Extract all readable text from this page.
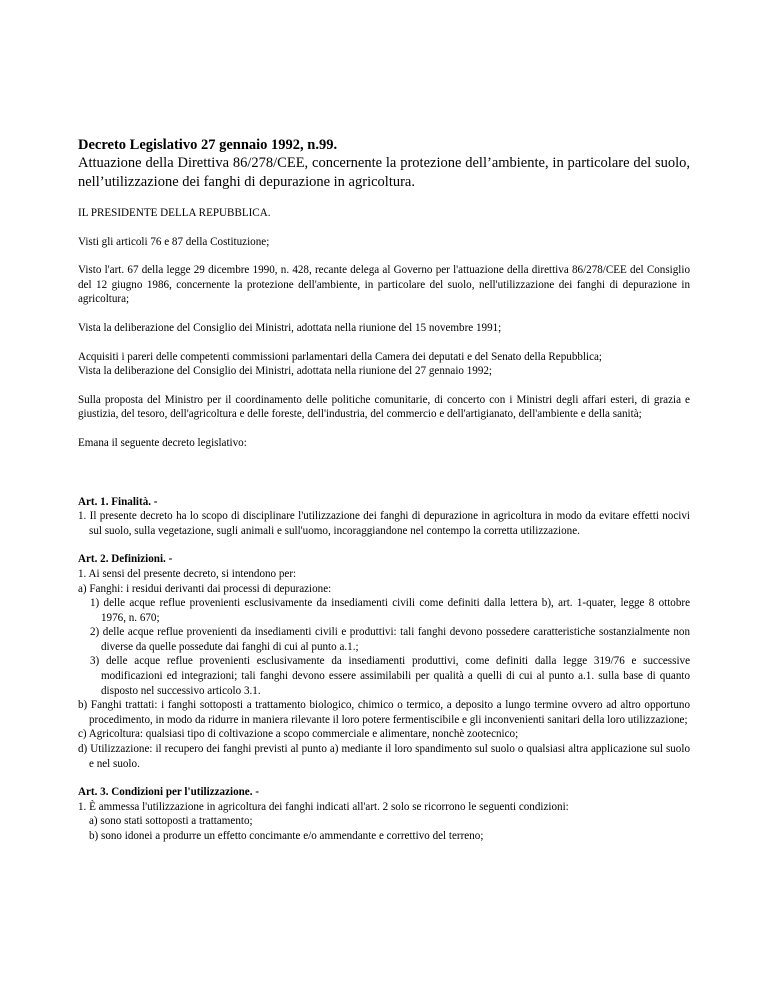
Decreto Legislativo 27 gennaio 1992, n.99.
Attuazione della Direttiva 86/278/CEE, concernente la protezione dell’ambiente, in particolare del suolo, nell’utilizzazione dei fanghi di depurazione in agricoltura.
IL PRESIDENTE DELLA REPUBBLICA.
Visti gli articoli 76 e 87 della Costituzione;
Visto l'art. 67 della legge 29 dicembre 1990, n. 428, recante delega al Governo per l'attuazione della direttiva 86/278/CEE del Consiglio del 12 giugno 1986, concernente la protezione dell'ambiente, in particolare del suolo, nell'utilizzazione dei fanghi di depurazione in agricoltura;
Vista la deliberazione del Consiglio dei Ministri, adottata nella riunione del 15 novembre 1991;
Acquisiti i pareri delle competenti commissioni parlamentari della Camera dei deputati e del Senato della Repubblica;
Vista la deliberazione del Consiglio dei Ministri, adottata nella riunione del 27 gennaio 1992;
Sulla proposta del Ministro per il coordinamento delle politiche comunitarie, di concerto con i Ministri degli affari esteri, di grazia e giustizia, del tesoro, dell'agricoltura e delle foreste, dell'industria, del commercio e dell'artigianato, dell'ambiente e della sanità;
Emana il seguente decreto legislativo:
Art. 1. Finalità. -
1. Il presente decreto ha lo scopo di disciplinare l'utilizzazione dei fanghi di depurazione in agricoltura in modo da evitare effetti nocivi sul suolo, sulla vegetazione, sugli animali e sull'uomo, incoraggiandone nel contempo la corretta utilizzazione.
Art. 2. Definizioni. -
1. Ai sensi del presente decreto, si intendono per:
a) Fanghi: i residui derivanti dai processi di depurazione:
1) delle acque reflue provenienti esclusivamente da insediamenti civili come definiti dalla lettera b), art. 1-quater, legge 8 ottobre 1976, n. 670;
2) delle acque reflue provenienti da insediamenti civili e produttivi: tali fanghi devono possedere caratteristiche sostanzialmente non diverse da quelle possedute dai fanghi di cui al punto a.1.;
3) delle acque reflue provenienti esclusivamente da insediamenti produttivi, come definiti dalla legge 319/76 e successive modificazioni ed integrazioni; tali fanghi devono essere assimilabili per qualità a quelli di cui al punto a.1. sulla base di quanto disposto nel successivo articolo 3.1.
b) Fanghi trattati: i fanghi sottoposti a trattamento biologico, chimico o termico, a deposito a lungo termine ovvero ad altro opportuno procedimento, in modo da ridurre in maniera rilevante il loro potere fermentiscibile e gli inconvenienti sanitari della loro utilizzazione;
c) Agricoltura: qualsiasi tipo di coltivazione a scopo commerciale e alimentare, nonchè zootecnico;
d) Utilizzazione: il recupero dei fanghi previsti al punto a) mediante il loro spandimento sul suolo o qualsiasi altra applicazione sul suolo e nel suolo.
Art. 3. Condizioni per l'utilizzazione. -
1. È ammessa l'utilizzazione in agricoltura dei fanghi indicati all'art. 2 solo se ricorrono le seguenti condizioni:
a) sono stati sottoposti a trattamento;
b) sono idonei a produrre un effetto concimante e/o ammendante e correttivo del terreno;
